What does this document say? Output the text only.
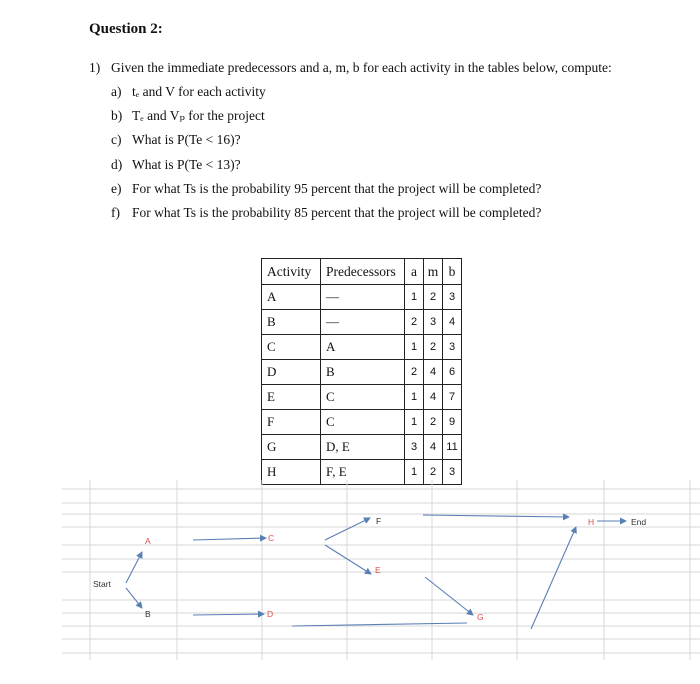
Question 2:
1) Given the immediate predecessors and a, m, b for each activity in the tables below, compute:
a) tₑ and V for each activity
b) Tₑ and Vₚ for the project
c) What is P(Te < 16)?
d) What is P(Te < 13)?
e) For what Ts is the probability 95 percent that the project will be completed?
f) For what Ts is the probability 85 percent that the project will be completed?
Activity	Predecessors	a	m	b
A	—	1	2	3
B	—	2	3	4
C	A	1	2	3
D	B	2	4	6
E	C	1	4	7
F	C	1	2	9
G	D, E	3	4	11
H	F, E	1	2	3
Start
A
B
C
D
E
F
G
H	End
